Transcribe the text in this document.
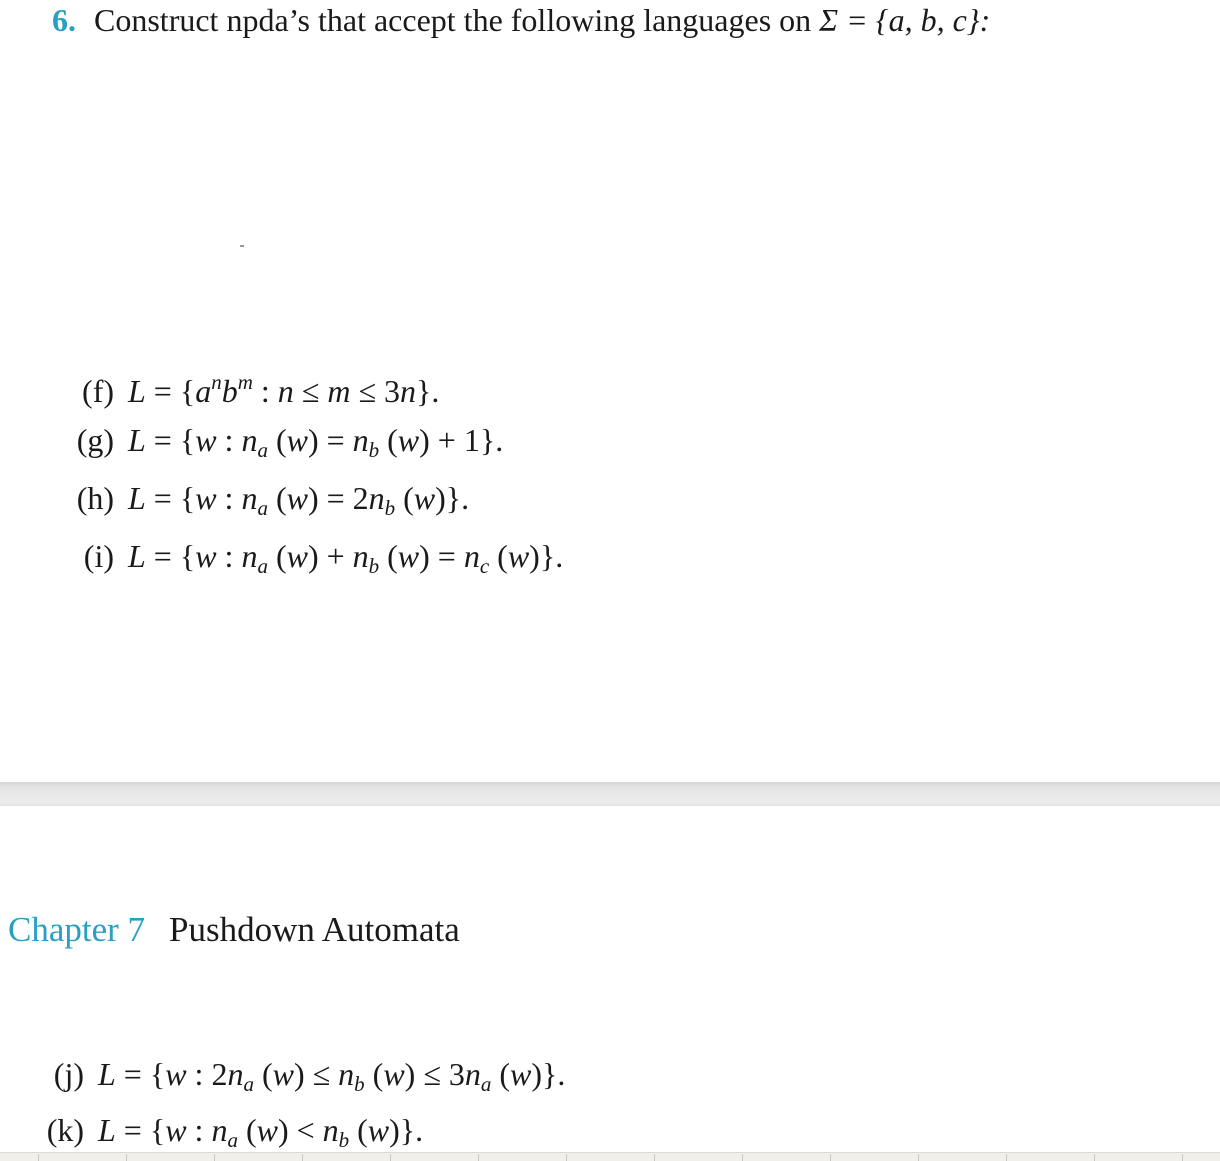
6. Construct npda’s that accept the following languages on Σ = {a, b, c}:
(f) $L = \{a^nb^m$ : n ≤ m ≤ 3n}.
(g) L = {w : na (w) = nb (w) + 1}.
(h) L = {w : na (w) = 2nb (w)}.
(i) L = {w : na (w) + nb (w) = nc (w)}.
Chapter 7 Pushdown Automata
(j) L = {w : 2na (w) ≤ nb (w) ≤ 3na (w)}.
(k) L = {w : na (w) < nb (w)}.
